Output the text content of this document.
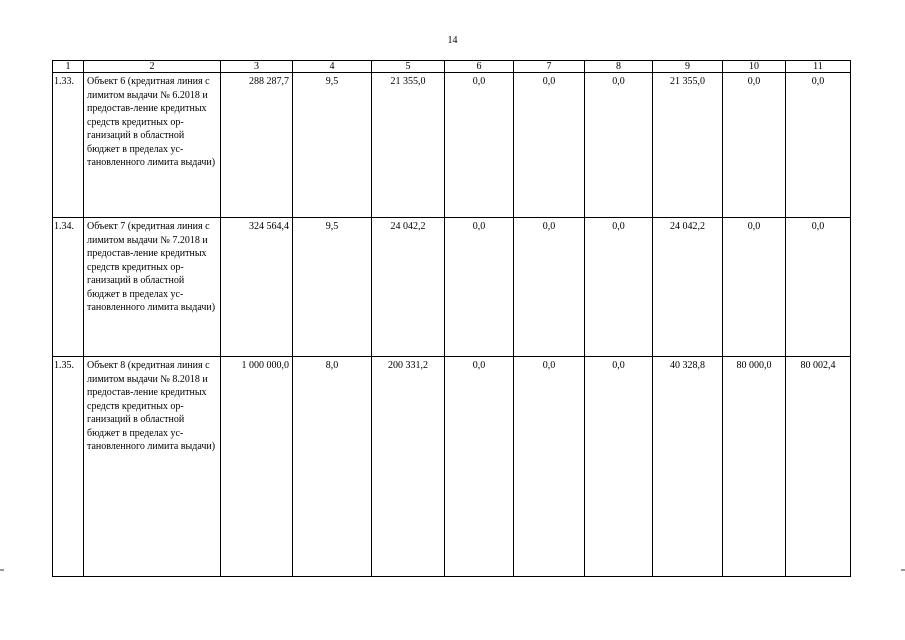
14
1	2	3	4	5	6	7	8	9	10	11
1.33.	Объект 6 (кредитная линия с лимитом выдачи № 6.2018 и предостав-ление кредитных средств кредитных ор-ганизаций в областной бюджет в пределах ус-тановленного лимита выдачи)	288 287,7	9,5	21 355,0	0,0	0,0	0,0	21 355,0	0,0	0,0
1.34.	Объект 7 (кредитная линия с лимитом выдачи № 7.2018 и предостав-ление кредитных средств кредитных ор-ганизаций в областной бюджет в пределах ус-тановленного лимита выдачи)	324 564,4	9,5	24 042,2	0,0	0,0	0,0	24 042,2	0,0	0,0
1.35.	Объект 8 (кредитная линия с лимитом выдачи № 8.2018 и предостав-ление кредитных средств кредитных ор-ганизаций в областной бюджет в пределах ус-тановленного лимита выдачи)	1 000 000,0	8,0	200 331,2	0,0	0,0	0,0	40 328,8	80 000,0	80 002,4
